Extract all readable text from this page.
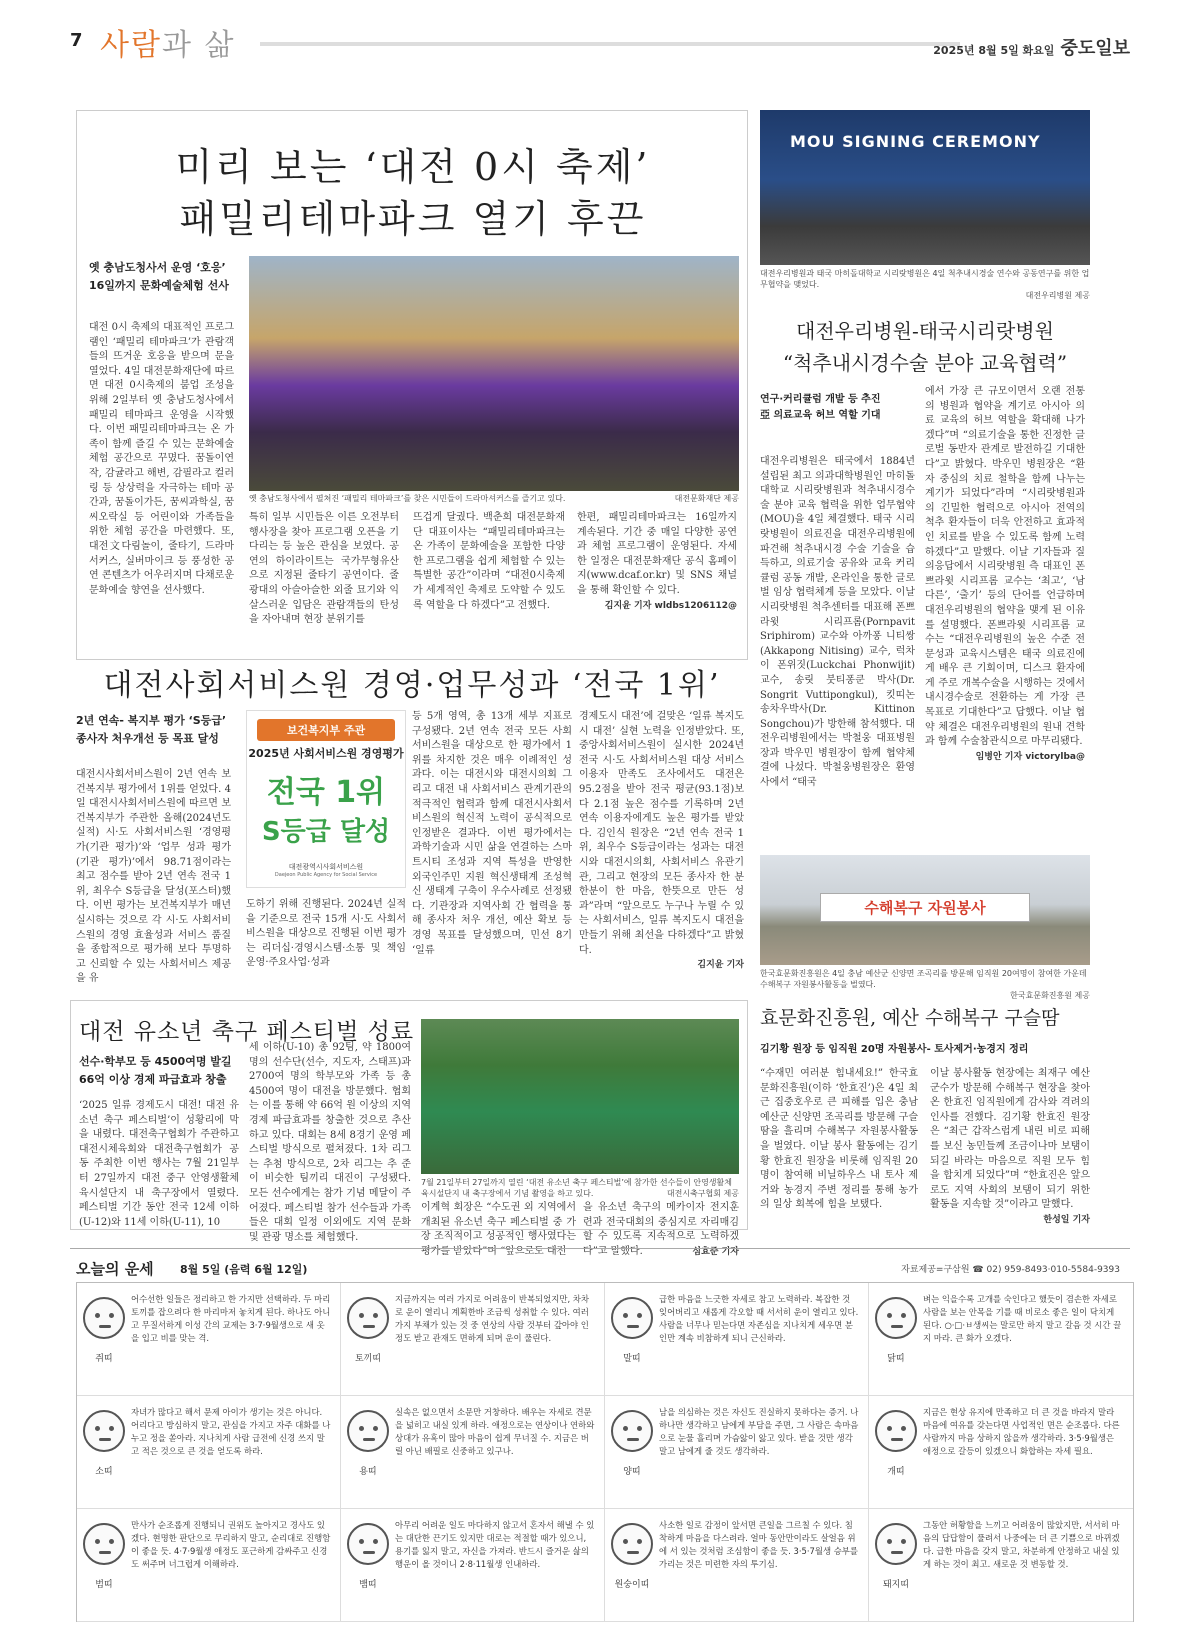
7 사람과 삶	2025년 8월 5일 화요일 중도일보
미리 보는 ‘대전 0시 축제’
패밀리테마파크 열기 후끈
옛 충남도청사서 운영 ‘호응’
16일까지 문화예술체험 선사
대전 0시 축제의 대표적인 프로그램인 ‘패밀리 테마파크’가 관람객들의 뜨거운 호응을 받으며 문을 열었다. 4일 대전문화재단에 따르면 대전 0시축제의 붐업 조성을 위해 2일부터 옛 충남도청사에서 패밀리 테마파크 운영을 시작했다. 이번 패밀리테마파크는 온 가족이 함께 즐길 수 있는 문화예술 체험 공간으로 꾸몄다. 꿈돌이연작, 감귤라고 해변, 감필라고 컬러링 등 상상력을 자극하는 테마 공간과, 꿈돌이가든, 꿈씨과학실, 꿈씨오락실 등 어린이와 가족들을 위한 체험 공간을 마련했다. 또, 대전文다림놀이, 줄타기, 드라마서커스, 실버마이크 등 풍성한 공연 콘텐츠가 어우러지며 다채로운 문화예술 향연을 선사했다.
옛 충남도청사에서 펼쳐진 ‘패밀리 테마파크’를 찾은 시민들이 드라마셔커스를 즐기고 있다.	대전문화재단 제공
특히 일부 시민들은 이른 오전부터 행사장을 찾아 프로그램 오픈을 기다리는 등 높은 관심을 보였다. 공연의 하이라이트는 국가무형유산으로 지정된 줄타기 공연이다. 줄광대의 아슬아슬한 외줄 묘기와 익살스러운 입담은 관람객들의 탄성을 자아내며 현장 분위기를
뜨겁게 달궜다. 백춘희 대전문화재단 대표이사는 “패밀리테마파크는 온 가족이 문화예술을 포함한 다양한 프로그램을 쉽게 체험할 수 있는 특별한 공간”이라며 “대전0시축제가 세계적인 축제로 도약할 수 있도록 역할을 다 하겠다”고 전했다.
한편, 패밀리테마파크는 16일까지 계속된다. 기간 중 매일 다양한 공연과 체험 프로그램이 운영된다. 자세한 일정은 대전문화재단 공식 홈페이지(www.dcaf.or.kr) 및 SNS 채널을 통해 확인할 수 있다.
김지윤 기자 wldbs1206112@
대전사회서비스원 경영·업무성과 ‘전국 1위’
2년 연속- 복지부 평가 ‘S등급’
종사자 처우개선 등 목표 달성
대전시사회서비스원이 2년 연속 보건복지부 평가에서 1위를 얻었다. 4일 대전시사회서비스원에 따르면 보건복지부가 주관한 올해(2024년도 실적) 시·도 사회서비스원 ‘경영평가(기관 평가)’와 ‘업무 성과 평가(기관 평가)’에서 98.71점이라는 최고 점수를 받아 2년 연속 전국 1위, 최우수 S등급을 달성(포스터)했다. 이번 평가는 보건복지부가 매년 실시하는 것으로 각 시·도 사회서비스원의 경영 효율성과 서비스 품질을 종합적으로 평가해 보다 투명하고 신뢰할 수 있는 사회서비스 제공을 유
보건복지부 주관
2025년 사회서비스원 경영평가
전국 1위
S등급 달성
대전광역시사회서비스원
Daejeon Public Agency for Social Service
도하기 위해 진행된다. 2024년 실적을 기준으로 전국 15개 시·도 사회서비스원을 대상으로 진행된 이번 평가는 리더십·경영시스템·소통 및 책임운영·주요사업·성과
등 5개 영역, 총 13개 세부 지표로 구성됐다. 2년 연속 전국 모든 사회서비스원을 대상으로 한 평가에서 1위를 차지한 것은 매우 이례적인 성과다. 이는 대전시와 대전시의회 그리고 대전 내 사회서비스 관계기관의 적극적인 협력과 함께 대전시사회서비스원의 혁신적 노력이 공식적으로 인정받은 결과다. 이번 평가에서는 과학기술과 시민 삶을 연결하는 스마트시티 조성과 지역 특성을 반영한 외국인주민 지원 혁신생태계 조성혁신 생태계 구축이 우수사례로 선정됐다. 기관장과 지역사회 간 협력을 통해 종사자 처우 개선, 예산 확보 등 경영 목표를 달성했으며, 민선 8기 ‘일류
경제도시 대전’에 걸맞은 ‘일류 복지도시 대전’ 실현 노력을 인정받았다. 또, 중앙사회서비스원이 실시한 2024년 전국 시·도 사회서비스원 대상 서비스 이용자 만족도 조사에서도 대전은 95.2점을 받아 전국 평균(93.1점)보다 2.1점 높은 점수를 기록하며 2년 연속 이용자에게도 높은 평가를 받았다. 김인식 원장은 “2년 연속 전국 1위, 최우수 S등급이라는 성과는 대전시와 대전시의회, 사회서비스 유관기관, 그리고 현장의 모든 종사자 한 분 한분이 한 마음, 한뜻으로 만든 성과”라며 “앞으로도 누구나 누릴 수 있는 사회서비스, 일류 복지도시 대전을 만들기 위해 최선을 다하겠다”고 밝혔다.
김지윤 기자
MOU SIGNING CEREMONY
대전우리병원과 태국 마히돌대학교 시리랏병원은 4일 척추내시경술 연수와 공동연구를 위한 업무협약을 맺었다.
대전우리병원 제공
대전우리병원-태국시리랏병원
“척추내시경수술 분야 교육협력”
연구·커리큘럼 개발 등 추진
亞 의료교육 허브 역할 기대
대전우리병원은 태국에서 1884년 설립된 최고 의과대학병원인 마히돌대학교 시리랏병원과 척추내시경수술 분야 교육 협력을 위한 업무협약(MOU)을 4일 체결했다. 태국 시리랏병원이 의료진을 대전우리병원에 파견해 척추내시경 수술 기술을 습득하고, 의료기술 공유와 교육 커리큘럼 공동 개발, 온라인을 통한 글로벌 임상 협력체계 등을 모았다. 이날 시리랏병원 척추센터를 대표해 폰쁘라윗 시리프롬(Pornpavit Sriphirom) 교수와 아까퐁 니티쌍(Akkapong Nitising) 교수, 럭차이 폰위짓(Luckchai Phonwijit) 교수, 송릿 붓티퐁쿤 박사(Dr. Songrit Vuttipongkul), 킷띠논 송차우박사(Dr. Kittinon Songchou)가 방한해 참석했다. 대전우리병원에서는 박철웅 대표병원장과 박우민 병원장이 함께 협약체결에 나섰다. 박철웅병원장은 환영사에서 “태국
에서 가장 큰 규모이면서 오랜 전통의 병원과 협약을 계기로 아시아 의료 교육의 허브 역할을 확대해 나가겠다”며 “의료기술을 통한 진정한 글로벌 동반자 관계로 발전하길 기대한다”고 밝혔다. 박우민 병원장은 “환자 중심의 치료 철학을 함께 나누는 계기가 되었다”라며 “시리랏병원과의 긴밀한 협력으로 아시아 전역의 척추 환자들이 더욱 안전하고 효과적인 치료를 받을 수 있도록 함께 노력하겠다”고 말했다. 이날 기자들과 질의응답에서 시리랏병원 측 대표인 폰쁘라윗 시리프롬 교수는 ‘최고’, ‘남다른’, ‘출기’ 등의 단어를 언급하며 대전우리병원의 협약을 맺게 된 이유를 설명했다. 폰쁘라윗 시리프롬 교수는 “대전우리병원의 높은 수준 전문성과 교육시스템은 태국 의료진에게 배우 큰 기회이며, 디스크 환자에게 주로 개복수술을 시행하는 것에서 내시경수술로 전환하는 게 가장 큰 목표로 기대한다”고 답했다. 이날 협약 체결은 대전우리병원의 원내 견학과 함께 수술참관식으로 마무리됐다.
임병안 기자 victorylba@
수해복구 자원봉사
한국효문화진흥원은 4일 충남 예산군 신양면 조곡리를 방문해 임직원 20여명이 참여한 가운데 수해복구 자원봉사활동을 벌였다.
한국효문화진흥원 제공
효문화진흥원, 예산 수해복구 구슬땀
김기황 원장 등 임직원 20명 자원봉사- 토사제거·농경지 정리
“수재민 여러분 힘내세요!” 한국효문화진흥원(이하 ‘한효진’)은 4일 최근 집중호우로 큰 피해를 입은 충남 예산군 신양면 조곡리를 방문해 구슬땀을 흘리며 수해복구 자원봉사활동을 벌였다. 이날 봉사 활동에는 김기황 한효진 원장을 비롯해 임직원 20명이 참여해 비닐하우스 내 토사 제거와 농경지 주변 정리를 통해 농가의 일상 회복에 힘을 보탰다.
이날 봉사활동 현장에는 최재구 예산군수가 방문해 수해복구 현장을 찾아온 한효진 임직원에게 감사와 격려의 인사를 전했다. 김기황 한효진 원장은 “최근 갑작스럽게 내린 비로 피해를 보신 농민들께 조금이나마 보탬이 되길 바라는 마음으로 직원 모두 힘을 합치게 되었다”며 “한효진은 앞으로도 지역 사회의 보탬이 되기 위한 활동을 지속할 것”이라고 말했다.
한성일 기자
대전 유소년 축구 페스티벌 성료
선수·학부모 등 4500여명 발길
66억 이상 경제 파급효과 창출
‘2025 일류 경제도시 대전! 대전 유소년 축구 페스티벌’이 성황리에 막을 내렸다. 대전축구협회가 주관하고 대전시체육회와 대전축구협회가 공동 주최한 이번 행사는 7월 21일부터 27일까지 대전 중구 안영생활체육시설단지 내 축구장에서 열렸다. 페스티벌 기간 동안 전국 12세 이하(U-12)와 11세 이하(U-11), 10
세 이하(U-10) 총 92팀, 약 1800여 명의 선수단(선수, 지도자, 스태프)과 2700여 명의 학부모와 가족 등 총 4500여 명이 대전을 방문했다. 협회는 이를 통해 약 66억 원 이상의 지역 경제 파급효과를 창출한 것으로 추산하고 있다. 대회는 8세 8경기 운영 페스티벌 방식으로 펼쳐졌다. 1차 리그는 추첨 방식으로, 2차 리그는 추 준이 비슷한 팀끼리 대진이 구성됐다. 모든 선수에게는 참가 기념 메달이 주어졌다. 페스티벌 참가 선수들과 가족들은 대회 일정 이외에도 지역 문화 및 관광 명소를 체험했다.
7월 21일부터 27일까지 열린 ‘대전 유소년 축구 페스티벌’에 참가한 선수들이 안영생활체육시설단지 내 축구장에서 기념 촬영을 하고 있다.	대전시축구협회 제공
이계혁 회장은 “수도권 외 지역에서 개최된 유소년 축구 페스티벌 중 가장 조직적이고 성공적인 행사였다는 평가를 받았다”며 “앞으로도 대전
을 유소년 축구의 메카이자 전지훈련과 전국대회의 중심지로 자리매김할 수 있도록 지속적으로 노력하겠다”고 말했다.	심효준 기자
오늘의 운세 8월 5일 (음력 6월 12일)	자료제공=구삼원 ☎ 02) 959-8493·010-5584-9393
쥐띠
어수선한 일들은 정리하고 한 가지만 선택하라. 두 마리 토끼를 잡으려다 한 마리마저 놓치게 된다. 하나도 아니고 무질서하게 이성 간의 교제는 3·7·9월생으로 새 옷을 입고 비를 맞는 격.
토끼띠
지금까지는 여러 가지로 어려움이 반복되었지만, 차차로 운이 열리니 계획한바 조금씩 성취할 수 있다. 여러 가지 부채가 있는 것 중 연상의 사람 것부터 갚아야 인정도 받고 관재도 면하게 되며 운이 풀린다.
말띠
급한 마음을 느긋한 자세로 참고 노력하라. 복잡한 것 잊어버리고 새롭게 각오할 때 서서히 운이 열리고 있다. 사람을 너무나 믿는다면 자존심을 지나치게 세우면 분인만 계속 비참하게 되니 근신하라.
닭띠
벼는 익을수록 고개를 숙인다고 했듯이 겸손한 자세로 사람을 보는 안목을 기를 때 비로소 좋은 일이 닥치게 된다. ○·□·ㅂ생씨는 말로만 하지 말고 갈음 것 시간 끌지 마라. 큰 화가 오겠다.
소띠
자녀가 많다고 해서 문제 아이가 생기는 것은 아니다. 어리다고 방심하지 말고, 관심을 가지고 자주 대화를 나누고 정을 쏟아라. 지나치게 사람 급전에 신경 쓰지 말고 적은 것으로 큰 것을 얻도록 하라.
용띠
실속은 없으면서 소문만 거창하다. 배우는 자세로 견문을 넓히고 내실 있게 하라. 애정으로는 연상이나 연하와 상대가 유혹이 많아 마음이 쉽게 무너질 수. 지금은 버릴 아닌 배필로 신중하고 있구나.
양띠
남을 의심하는 것은 자신도 진실하지 못하다는 증거. 나 하나만 생각하고 남에게 부담을 주면, 그 사람은 속마음으로 눈물 흘리며 가슴앓이 앓고 있다. 받을 것만 생각 말고 남에게 줄 것도 생각하라.
개띠
지금은 현상 유지에 만족하고 더 큰 것을 바라지 말라 마음에 여유를 갖는다면 사업적인 면은 순조롭다. 다른 사람까지 마음 상하지 않을까 생각하라. 3·5·9월생은 애정으로 갈등이 있겠으니 화합하는 자세 필요.
범띠
만사가 순조롭게 진행되니 권위도 높아지고 경사도 있겠다. 현명한 판단으로 무리하지 말고, 순리대로 진행함이 좋을 듯. 4·7·9월생 애정도 포근하게 감싸주고 신경도 써주며 너그럽게 이해하라.
뱀띠
아무리 어려운 일도 마다하지 않고서 혼자서 해낼 수 있는 대단한 끈기도 있지만 대로는 적절할 때가 있으니, 용기를 잃지 말고, 자신을 가져라. 반드시 즐거운 삶의 행운이 올 것이니 2·8·11월생 인내하라.
원숭이띠
사소한 일로 감정이 앞서면 큰일을 그르칠 수 있다. 침착하게 마음을 다스려라. 얼마 동안만이라도 살얼음 위에 서 있는 것처럼 조심함이 좋을 듯. 3·5·7월생 승부를 가리는 것은 미련한 자의 투기심.
돼지띠
그동안 허황함을 느끼고 어려움이 많았지만, 서서히 마음의 답답함이 풀려서 나중에는 더 큰 기쁨으로 바뀌겠다. 급한 마음을 갖지 말고, 차분하게 안정하고 내실 있게 하는 것이 최고. 새로운 것 변동할 것.
